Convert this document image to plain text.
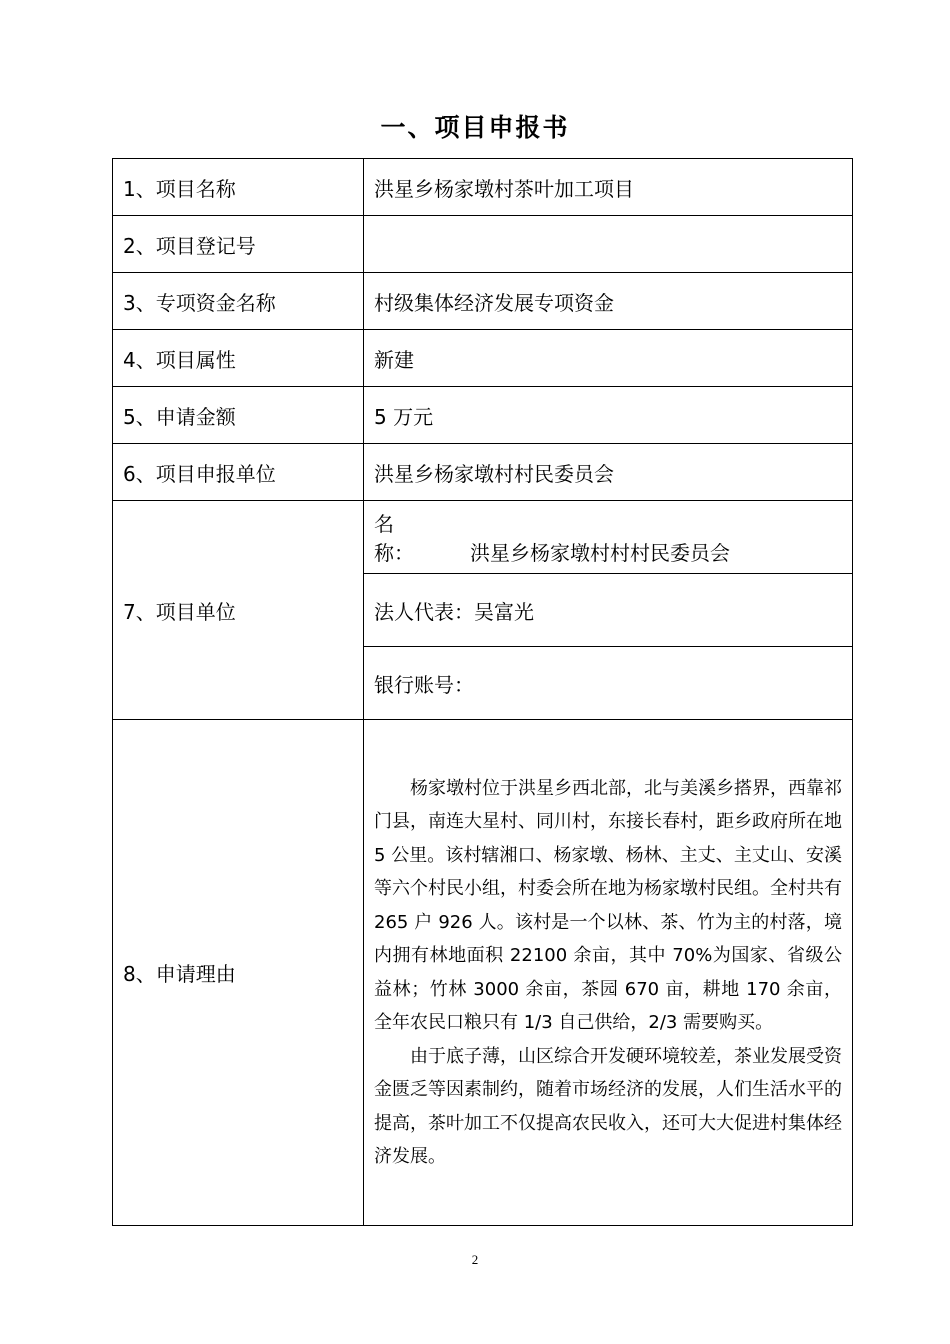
一、项目申报书
1、项目名称	洪星乡杨家墩村茶叶加工项目
2、项目登记号	
3、专项资金名称	村级集体经济发展专项资金
4、项目属性	新建
5、申请金额	5 万元
6、项目申报单位	洪星乡杨家墩村村民委员会
7、项目单位	名称： 洪星乡杨家墩村村村民委员会
	法人代表：吴富光
	银行账号：
8、申请理由	杨家墩村位于洪星乡西北部，北与美溪乡搭界，西靠祁门县，南连大星村、同川村，东接长春村，距乡政府所在地 5 公里。该村辖湘口、杨家墩、杨林、主丈、主丈山、安溪等六个村民小组，村委会所在地为杨家墩村民组。全村共有 265 户 926 人。该村是一个以林、茶、竹为主的村落，境内拥有林地面积 22100 余亩，其中 70%为国家、省级公益林；竹林 3000 余亩，茶园 670 亩，耕地 170 余亩，全年农民口粮只有 1/3 自己供给，2/3 需要购买。

由于底子薄，山区综合开发硬环境较差，茶业发展受资金匮乏等因素制约，随着市场经济的发展，人们生活水平的提高，茶叶加工不仅提高农民收入，还可大大促进村集体经济发展。

2
